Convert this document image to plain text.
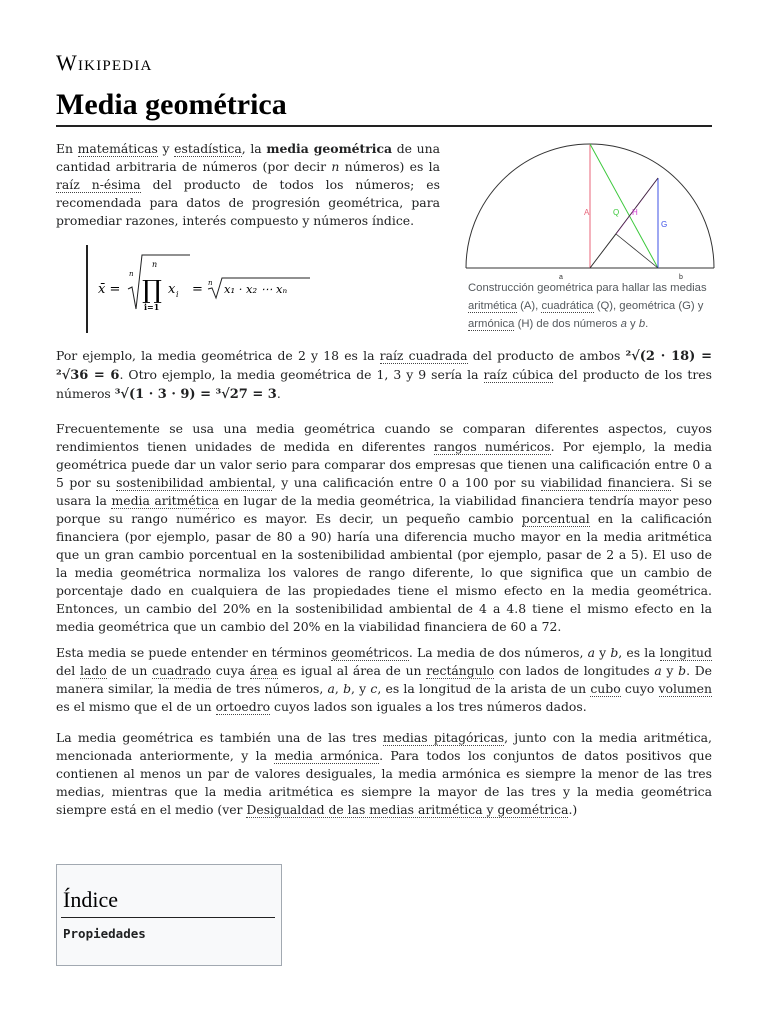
Wikipedia
Media geométrica
En matemáticas y estadística, la media geométrica de una cantidad arbitraria de números (por decir n números) es la raíz n-ésima del producto de todos los números; es recomendada para datos de progresión geométrica, para promediar razones, interés compuesto y números índice.
A	Q H
G
a	b
Construcción geométrica para hallar las medias aritmética (A), cuadrática (Q), geométrica (G) y armónica (H) de dos números a y b.
x̄ =
n
n
∏
i=1
x i = n x₁ · x₂ ⋯ xₙ
Por ejemplo, la media geométrica de 2 y 18 es la raíz cuadrada del producto de ambos ²√(2 · 18) = ²√36 = 6. Otro ejemplo, la media geométrica de 1, 3 y 9 sería la raíz cúbica del producto de los tres números ³√(1 · 3 · 9) = ³√27 = 3.
Frecuentemente se usa una media geométrica cuando se comparan diferentes aspectos, cuyos rendimientos tienen unidades de medida en diferentes rangos numéricos. Por ejemplo, la media geométrica puede dar un valor serio para comparar dos empresas que tienen una calificación entre 0 a 5 por su sostenibilidad ambiental, y una calificación entre 0 a 100 por su viabilidad financiera. Si se usara la media aritmética en lugar de la media geométrica, la viabilidad financiera tendría mayor peso porque su rango numérico es mayor. Es decir, un pequeño cambio porcentual en la calificación financiera (por ejemplo, pasar de 80 a 90) haría una diferencia mucho mayor en la media aritmética que un gran cambio porcentual en la sostenibilidad ambiental (por ejemplo, pasar de 2 a 5). El uso de la media geométrica normaliza los valores de rango diferente, lo que significa que un cambio de porcentaje dado en cualquiera de las propiedades tiene el mismo efecto en la media geométrica. Entonces, un cambio del 20% en la sostenibilidad ambiental de 4 a 4.8 tiene el mismo efecto en la media geométrica que un cambio del 20% en la viabilidad financiera de 60 a 72.
Esta media se puede entender en términos geométricos. La media de dos números, a y b, es la longitud del lado de un cuadrado cuya área es igual al área de un rectángulo con lados de longitudes a y b. De manera similar, la media de tres números, a, b, y c, es la longitud de la arista de un cubo cuyo volumen es el mismo que el de un ortoedro cuyos lados son iguales a los tres números dados.
La media geométrica es también una de las tres medias pitagóricas, junto con la media aritmética, mencionada anteriormente, y la media armónica. Para todos los conjuntos de datos positivos que contienen al menos un par de valores desiguales, la media armónica es siempre la menor de las tres medias, mientras que la media aritmética es siempre la mayor de las tres y la media geométrica siempre está en el medio (ver Desigualdad de las medias aritmética y geométrica.)
Índice
Propiedades
